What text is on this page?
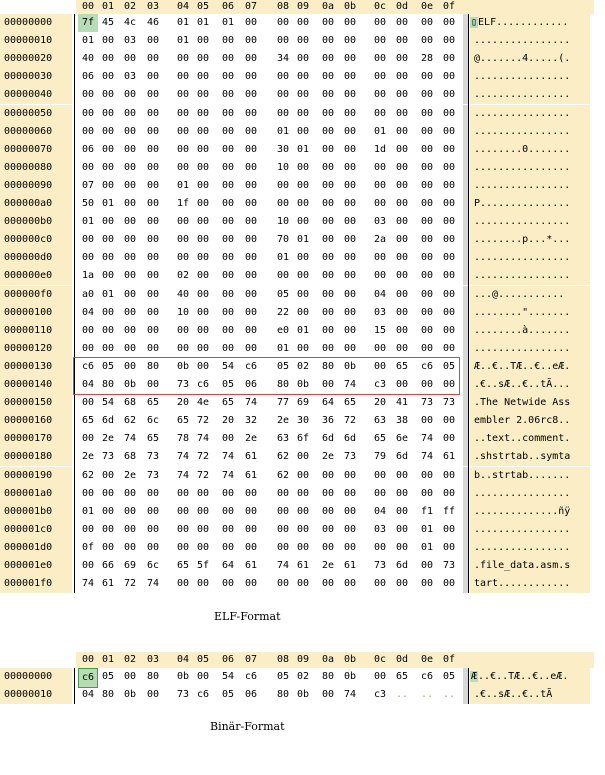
00 01 02 03 04 05 06 07 08 09 0a 0b 0c 0d 0e 0f
00000000	7f 45 4c 46 01 01 01 00 00 00 00 00 00 00 00 00 ▯ELF............
00000010	01 00 03 00 01 00 00 00 00 00 00 00 00 00 00 00	................
00000020	40 00 00 00 00 00 00 00 34 00 00 00 00 00 28 00	@.......4.....(.
00000030	06 00 03 00 00 00 00 00 00 00 00 00 00 00 00 00	................
00000040	00 00 00 00 00 00 00 00 00 00 00 00 00 00 00 00	................
00000050	00 00 00 00 00 00 00 00 00 00 00 00 00 00 00 00	................
00000060	00 00 00 00 00 00 00 00 01 00 00 00 01 00 00 00	................
00000070	06 00 00 00 00 00 00 00 30 01 00 00 1d 00 00 00	........0.......
00000080	00 00 00 00 00 00 00 00 10 00 00 00 00 00 00 00	................
00000090	07 00 00 00 01 00 00 00 00 00 00 00 00 00 00 00	................
000000a0	50 01 00 00 1f 00 00 00 00 00 00 00 00 00 00 00	P...............
000000b0	01 00 00 00 00 00 00 00 10 00 00 00 03 00 00 00	................
000000c0	00 00 00 00 00 00 00 00 70 01 00 00 2a 00 00 00	........p...*...
000000d0	00 00 00 00 00 00 00 00 01 00 00 00 00 00 00 00	................
000000e0	1a 00 00 00 02 00 00 00 00 00 00 00 00 00 00 00	................
000000f0	a0 01 00 00 40 00 00 00 05 00 00 00 04 00 00 00	...@...........
00000100	04 00 00 00 10 00 00 00 22 00 00 00 03 00 00 00	........".......
00000110	00 00 00 00 00 00 00 00 e0 01 00 00 15 00 00 00	........à.......
00000120	00 00 00 00 00 00 00 00 01 00 00 00 00 00 00 00	................
00000130	c6 05 00 80 0b 00 54 c6 05 02 80 0b 00 65 c6 05	Æ..€..TÆ..€..eÆ.
00000140	04 80 0b 00 73 c6 05 06 80 0b 00 74 c3 00 00 00	.€..sÆ..€..tÃ...
00000150	00 54 68 65 20 4e 65 74 77 69 64 65 20 41 73 73	.The Netwide Ass
00000160	65 6d 62 6c 65 72 20 32 2e 30 36 72 63 38 00 00	embler 2.06rc8..
00000170	00 2e 74 65 78 74 00 2e 63 6f 6d 6d 65 6e 74 00	..text..comment.
00000180	2e 73 68 73 74 72 74 61 62 00 2e 73 79 6d 74 61	.shstrtab..symta
00000190	62 00 2e 73 74 72 74 61 62 00 00 00 00 00 00 00	b..strtab.......
000001a0	00 00 00 00 00 00 00 00 00 00 00 00 00 00 00 00	................
000001b0	01 00 00 00 00 00 00 00 00 00 00 00 04 00 f1 ff	..............ñÿ
000001c0	00 00 00 00 00 00 00 00 00 00 00 00 03 00 01 00	................
000001d0	0f 00 00 00 00 00 00 00 00 00 00 00 00 00 01 00	................
000001e0	00 66 69 6c 65 5f 64 61 74 61 2e 61 73 6d 00 73	.file_data.asm.s
000001f0	74 61 72 74 00 00 00 00 00 00 00 00 00 00 00 00	tart............
ELF-Format
00 01 02 03 04 05 06 07 08 09 0a 0b 0c 0d 0e 0f
00000000	c6 05 00 80 0b 00 54 c6 05 02 80 0b 00 65 c6 05 Æ..€..TÆ..€..eÆ.
00000010	04 80 0b 00 73 c6 05 06 80 0b 00 74 c3 .. .. ..	.€..sÆ..€..tÃ
Binär-Format
